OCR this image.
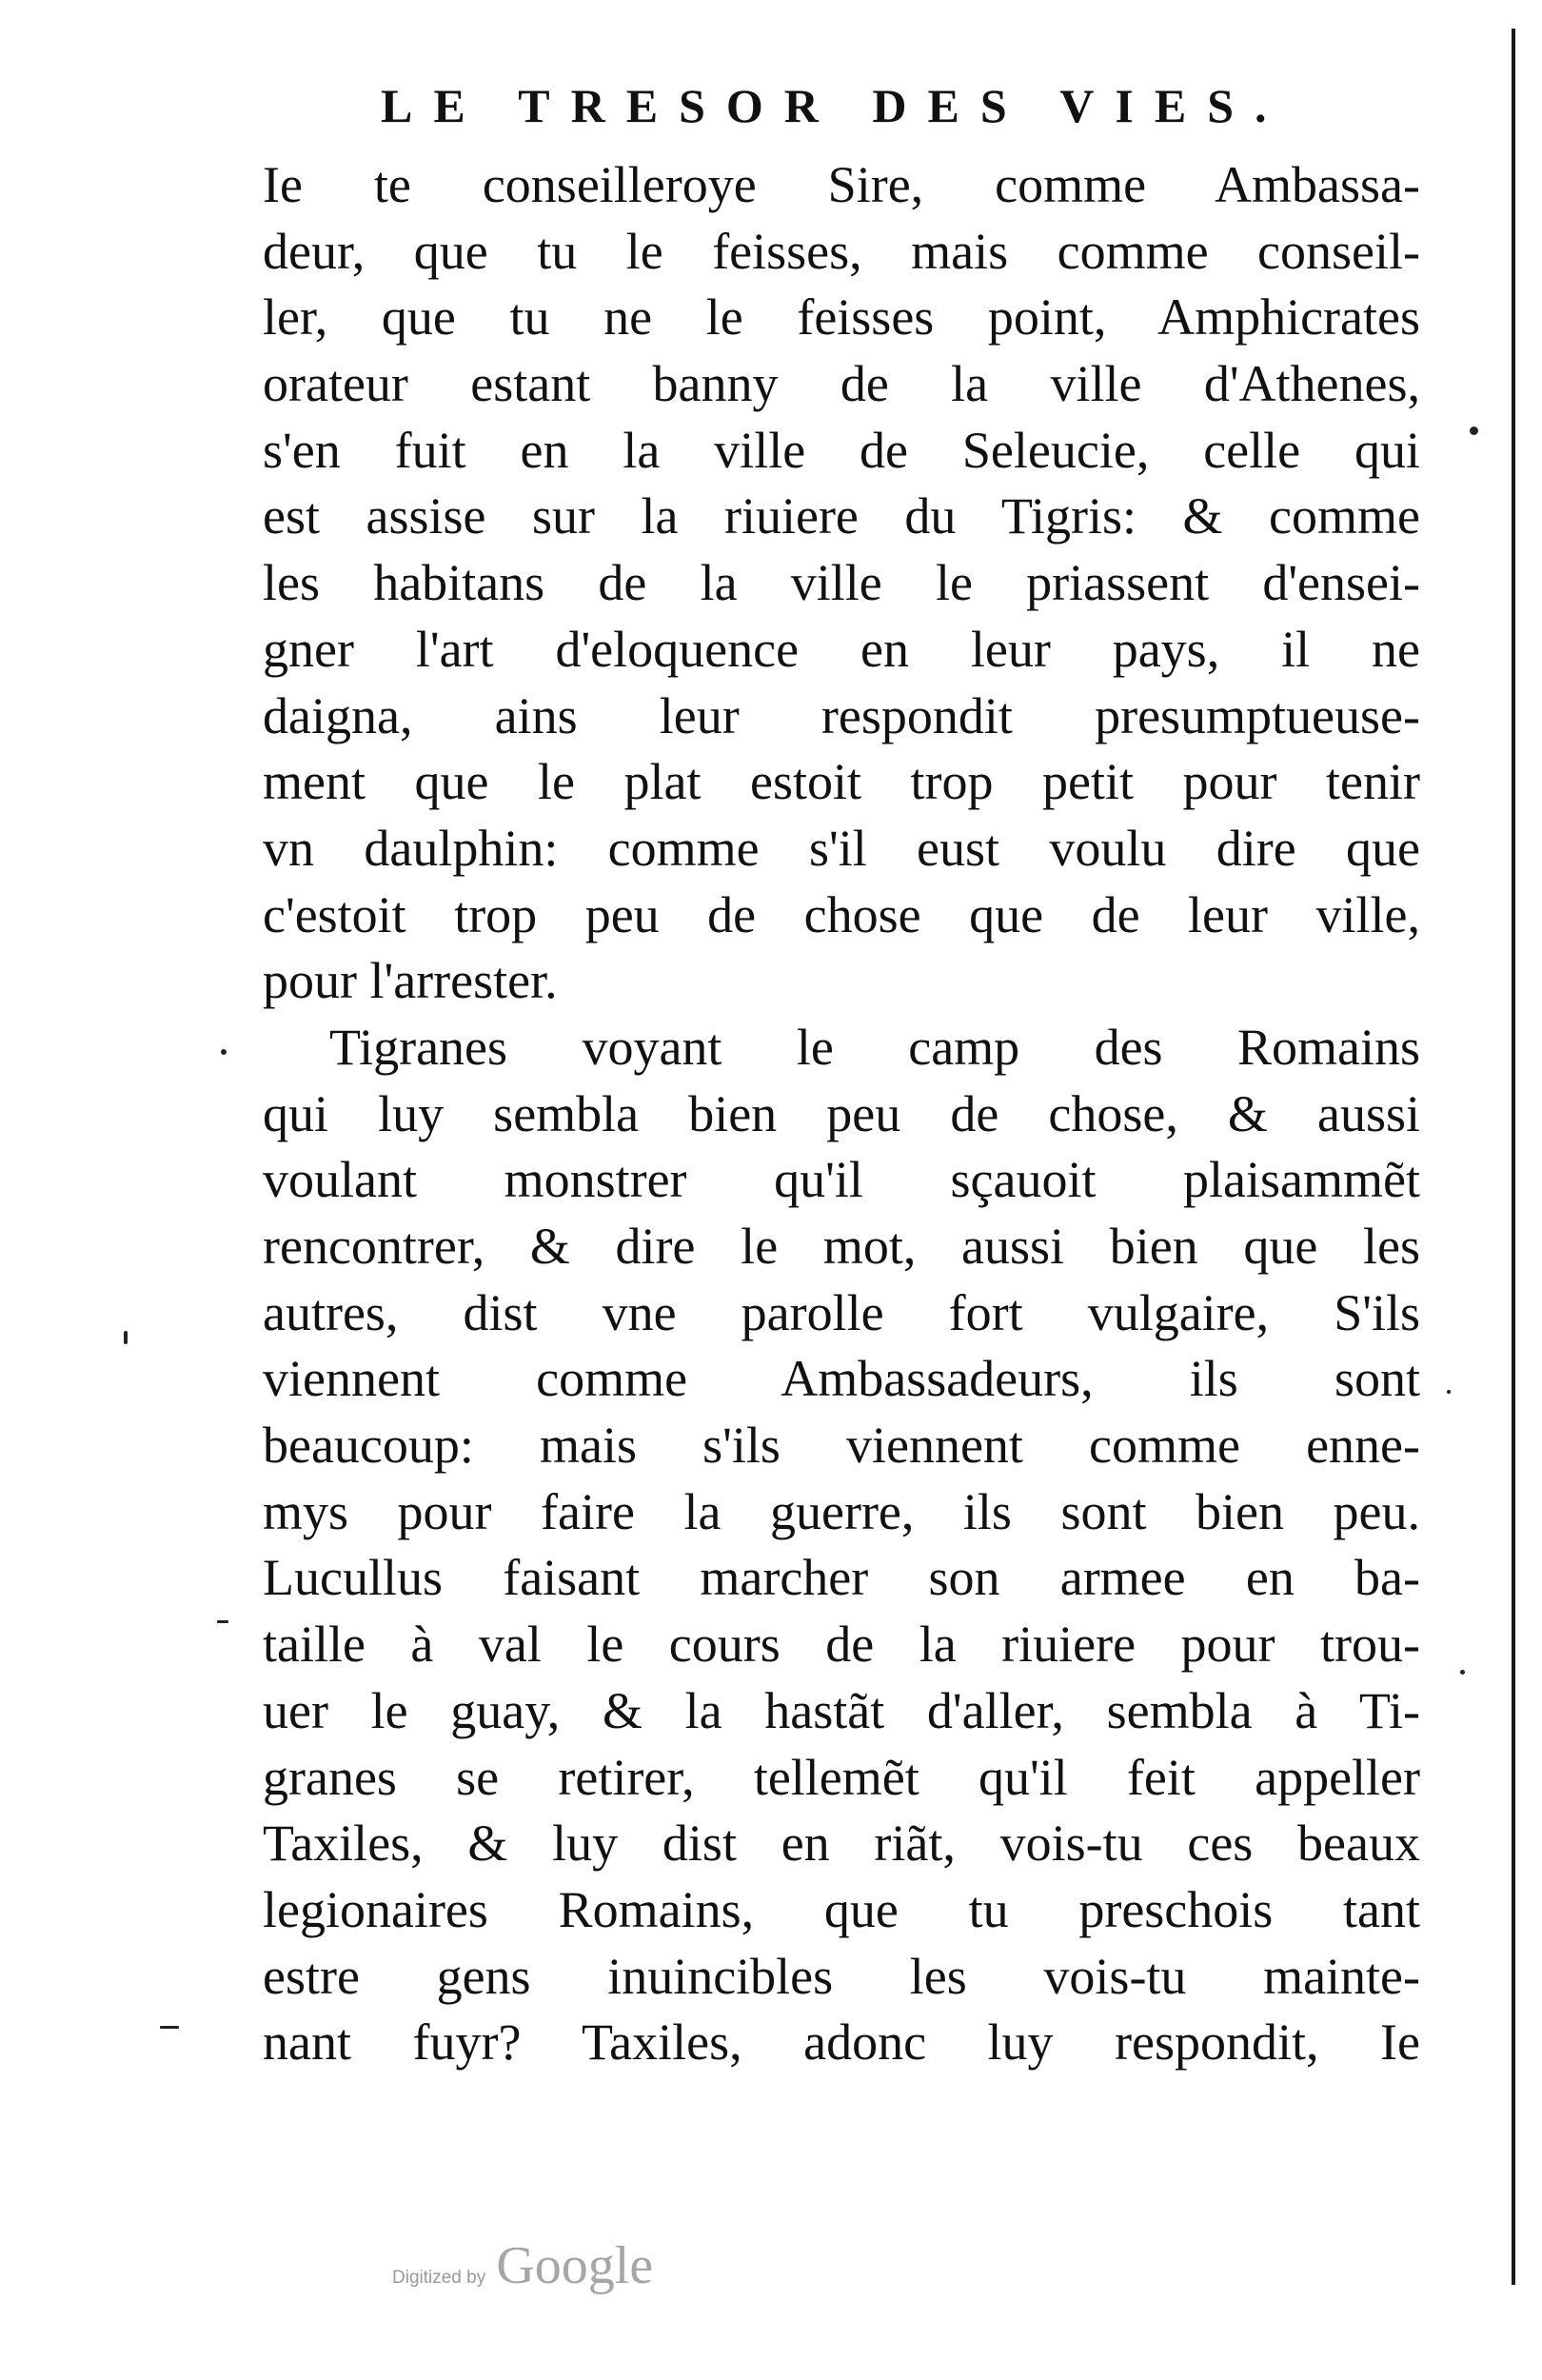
LE TRESOR DES VIES.
Ie te conseilleroye Sire, comme Ambassa-
deur, que tu le feisses, mais comme conseil-
ler, que tu ne le feisses point, Amphicrates
orateur estant banny de la ville d'Athenes,
s'en fuit en la ville de Seleucie, celle qui
est assise sur la riuiere du Tigris: & comme
les habitans de la ville le priassent d'ensei-
gner l'art d'eloquence en leur pays, il ne
daigna, ains leur respondit presumptueuse-
ment que le plat estoit trop petit pour tenir
vn daulphin: comme s'il eust voulu dire que
c'estoit trop peu de chose que de leur ville,
pour l'arrester.
Tigranes voyant le camp des Romains
qui luy sembla bien peu de chose, & aussi
voulant monstrer qu'il sçauoit plaisammẽt
rencontrer, & dire le mot, aussi bien que les
autres, dist vne parolle fort vulgaire, S'ils
viennent comme Ambassadeurs, ils sont
beaucoup: mais s'ils viennent comme enne-
mys pour faire la guerre, ils sont bien peu.
Lucullus faisant marcher son armee en ba-
taille à val le cours de la riuiere pour trou-
uer le guay, & la hastãt d'aller, sembla à Ti-
granes se retirer, tellemẽt qu'il feit appeller
Taxiles, & luy dist en riãt, vois-tu ces beaux
legionaires Romains, que tu preschois tant
estre gens inuincibles les vois-tu mainte-
nant fuyr? Taxiles, adonc luy respondit, Ie
Digitized by Google
